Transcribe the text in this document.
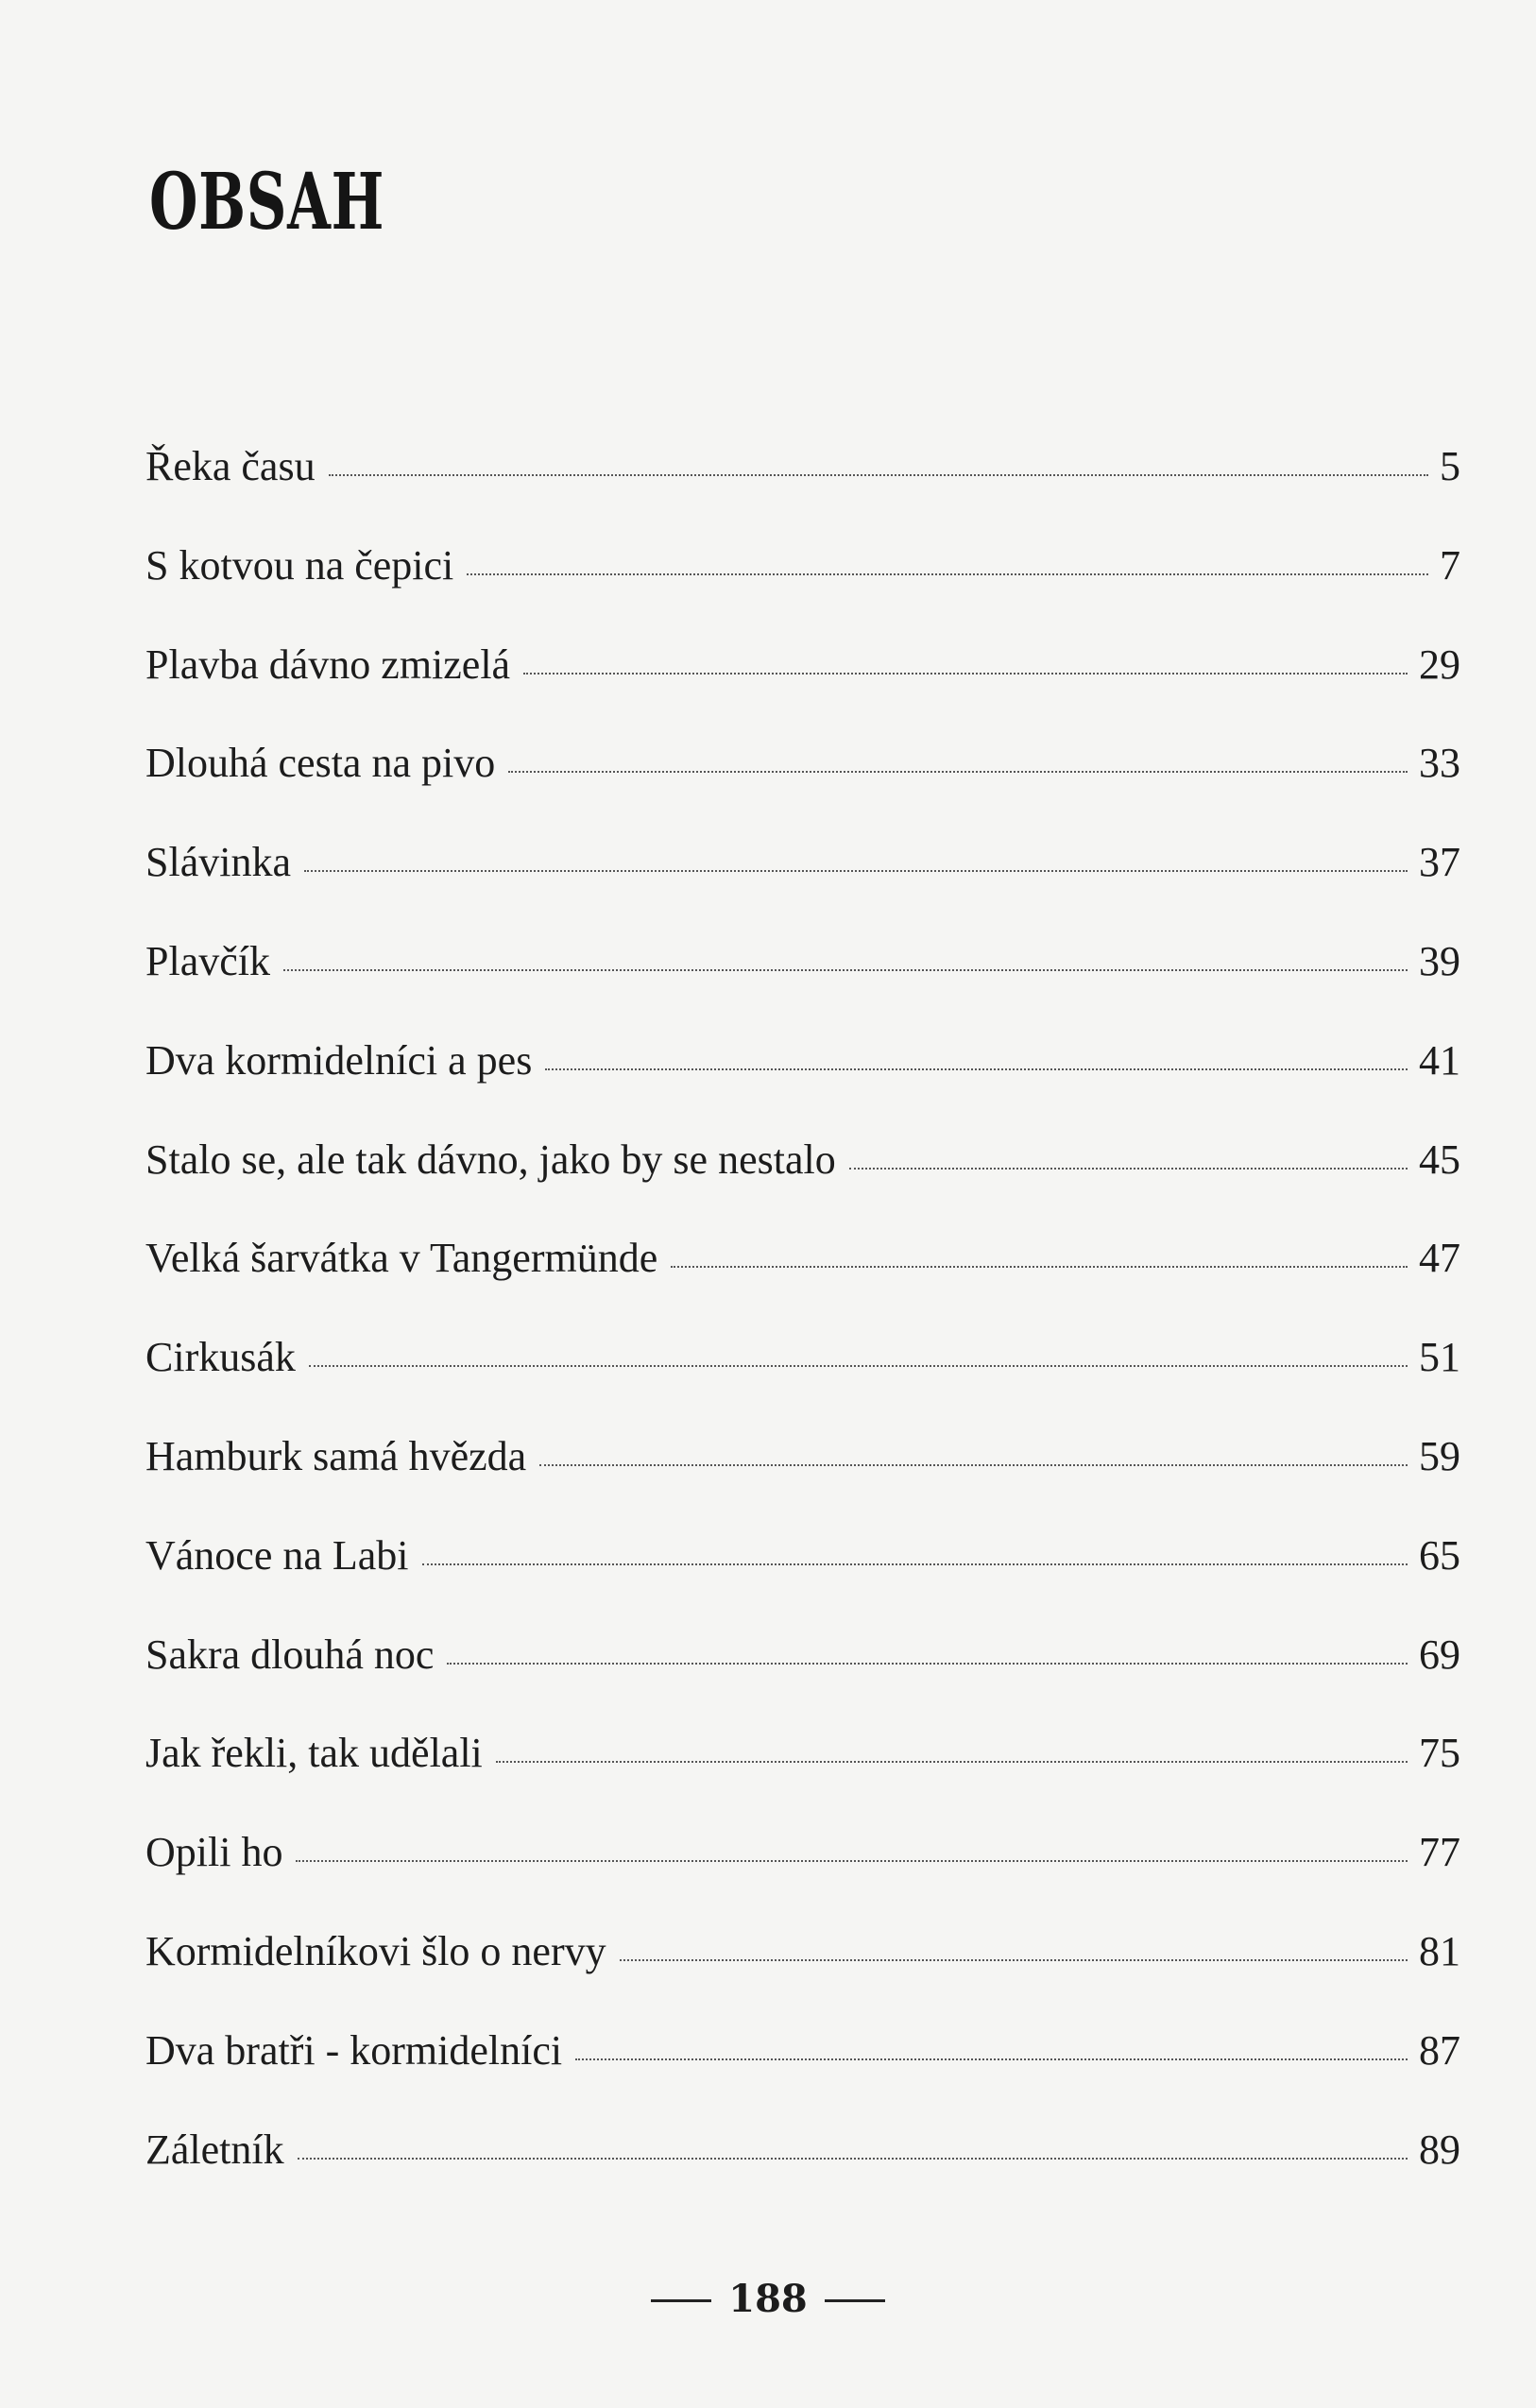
OBSAH
Řeka času	5
S kotvou na čepici	7
Plavba dávno zmizelá	29
Dlouhá cesta na pivo	33
Slávinka	37
Plavčík	39
Dva kormidelníci a pes	41
Stalo se, ale tak dávno, jako by se nestalo	45
Velká šarvátka v Tangermünde	47
Cirkusák	51
Hamburk samá hvězda	59
Vánoce na Labi	65
Sakra dlouhá noc	69
Jak řekli, tak udělali	75
Opili ho	77
Kormidelníkovi šlo o nervy	81
Dva bratři - kormidelníci	87
Záletník	89
188
